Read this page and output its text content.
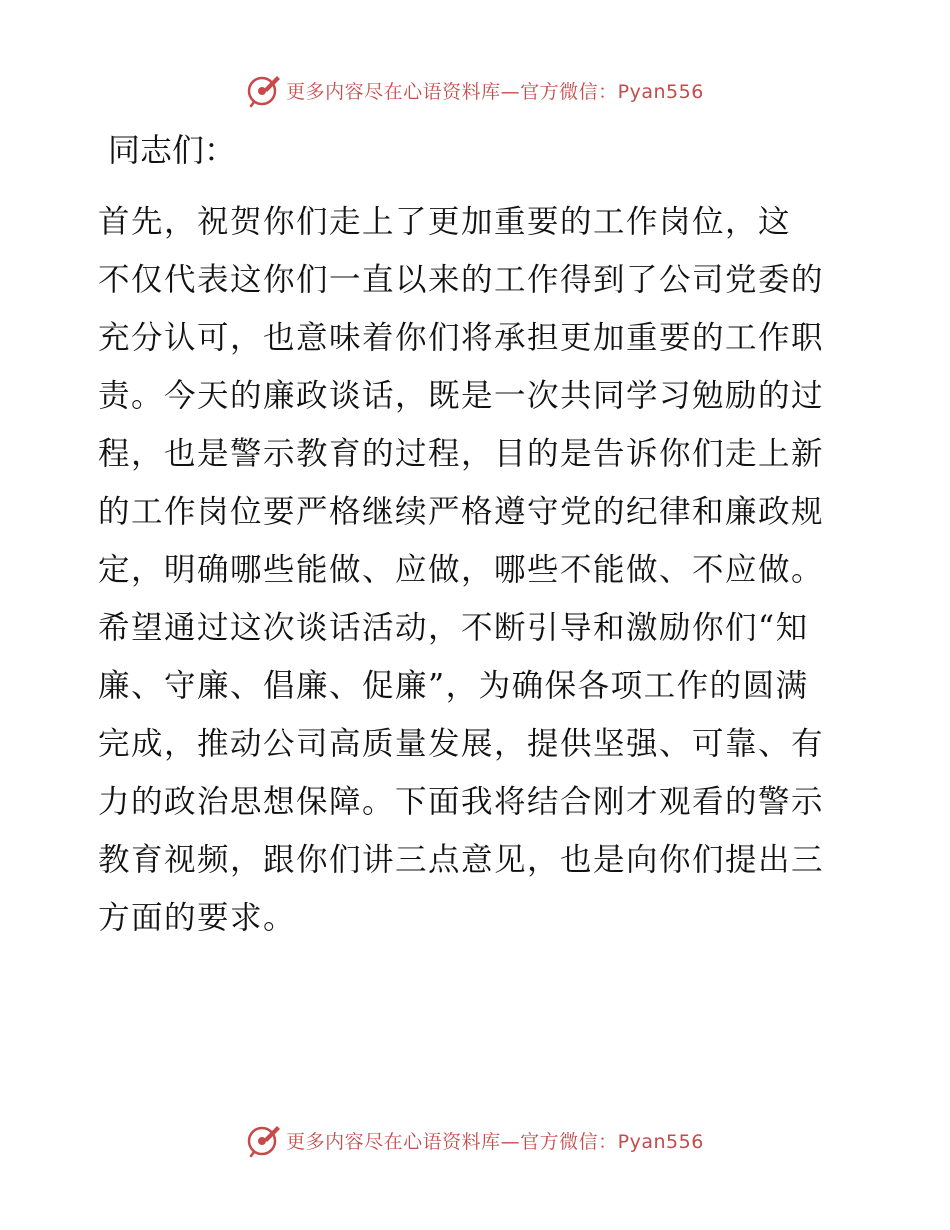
更多内容尽在心语资料库—官方微信：Pyan556
同志们：
首先，祝贺你们走上了更加重要的工作岗位，这
不仅代表这你们一直以来的工作得到了公司党委的
充分认可，也意味着你们将承担更加重要的工作职
责。今天的廉政谈话，既是一次共同学习勉励的过
程，也是警示教育的过程，目的是告诉你们走上新
的工作岗位要严格继续严格遵守党的纪律和廉政规
定，明确哪些能做、应做，哪些不能做、不应做。
希望通过这次谈话活动，不断引导和激励你们“知
廉、守廉、倡廉、促廉”，为确保各项工作的圆满
完成，推动公司高质量发展，提供坚强、可靠、有
力的政治思想保障。下面我将结合刚才观看的警示
教育视频，跟你们讲三点意见，也是向你们提出三
方面的要求。
更多内容尽在心语资料库—官方微信：Pyan556
